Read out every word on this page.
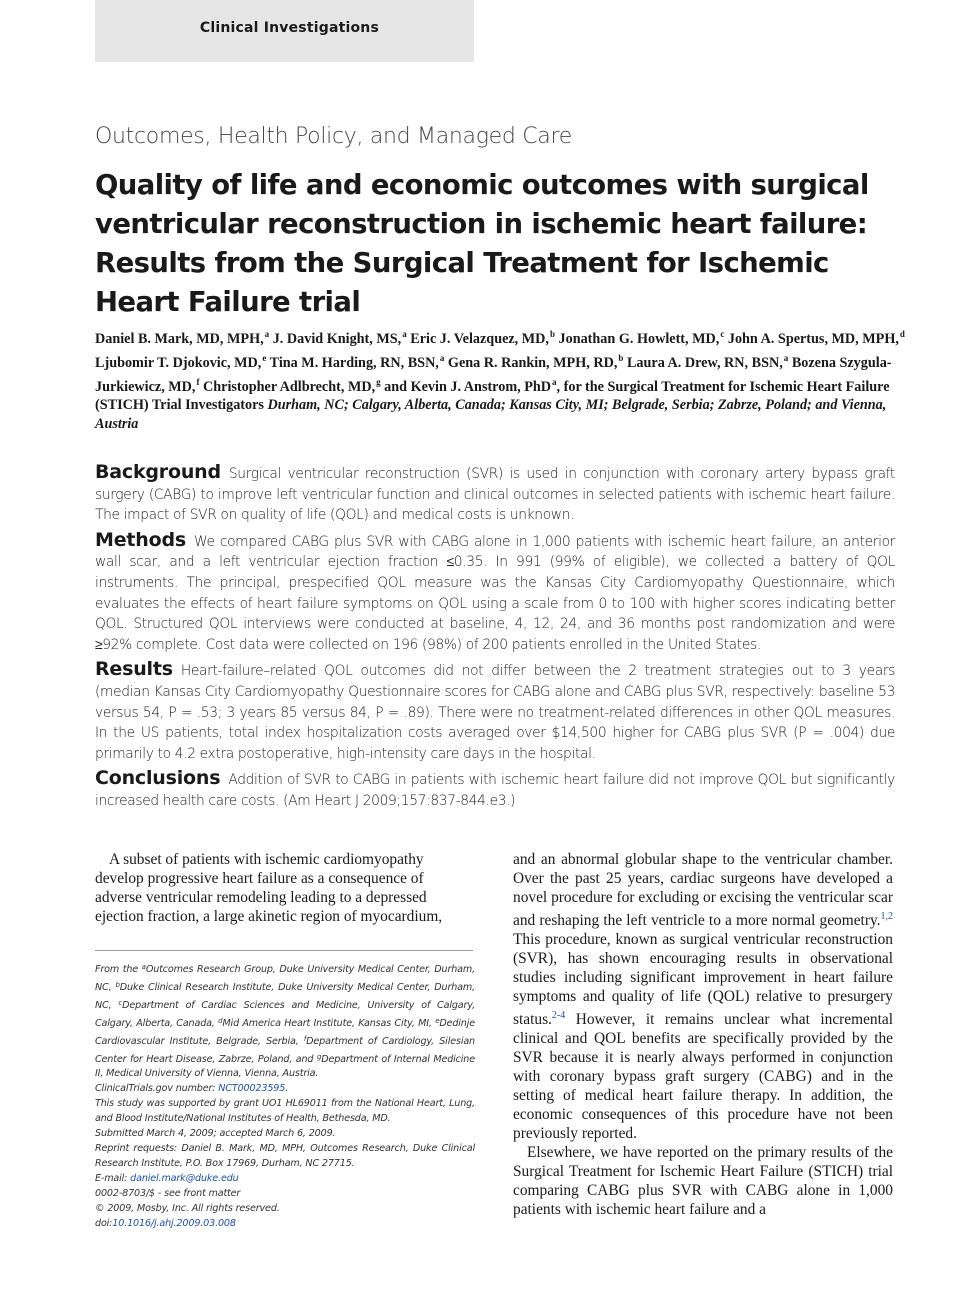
Clinical Investigations
Outcomes, Health Policy, and Managed Care
Quality of life and economic outcomes with surgical ventricular reconstruction in ischemic heart failure: Results from the Surgical Treatment for Ischemic Heart Failure trial
Daniel B. Mark, MD, MPH,$^a$ J. David Knight, MS,$^a$ Eric J. Velazquez, MD,$^b$ Jonathan G. Howlett, MD,$^c$ John A. Spertus, MD, MPH,$^d$ Ljubomir T. Djokovic, MD,$^e$ Tina M. Harding, RN, BSN,$^a$ Gena R. Rankin, MPH, RD,$^b$ Laura A. Drew, RN, BSN,$^a$ Bozena Szygula-Jurkiewicz, MD,$^f$ Christopher Adlbrecht, MD,$^g$ and Kevin J. Anstrom, PhD$^a$, for the Surgical Treatment for Ischemic Heart Failure (STICH) Trial Investigators Durham, NC; Calgary, Alberta, Canada; Kansas City, MI; Belgrade, Serbia; Zabrze, Poland; and Vienna, Austria

Background Surgical ventricular reconstruction (SVR) is used in conjunction with coronary artery bypass graft surgery (CABG) to improve left ventricular function and clinical outcomes in selected patients with ischemic heart failure. The impact of SVR on quality of life (QOL) and medical costs is unknown.

Methods We compared CABG plus SVR with CABG alone in 1,000 patients with ischemic heart failure, an anterior wall scar, and a left ventricular ejection fraction ≤0.35. In 991 (99% of eligible), we collected a battery of QOL instruments. The principal, prespecified QOL measure was the Kansas City Cardiomyopathy Questionnaire, which evaluates the effects of heart failure symptoms on QOL using a scale from 0 to 100 with higher scores indicating better QOL. Structured QOL interviews were conducted at baseline, 4, 12, 24, and 36 months post randomization and were ≥92% complete. Cost data were collected on 196 (98%) of 200 patients enrolled in the United States.

Results Heart-failure–related QOL outcomes did not differ between the 2 treatment strategies out to 3 years (median Kansas City Cardiomyopathy Questionnaire scores for CABG alone and CABG plus SVR, respectively: baseline 53 versus 54, P = .53; 3 years 85 versus 84, P = .89). There were no treatment-related differences in other QOL measures. In the US patients, total index hospitalization costs averaged over $14,500 higher for CABG plus SVR (P = .004) due primarily to 4.2 extra postoperative, high-intensity care days in the hospital.

Conclusions Addition of SVR to CABG in patients with ischemic heart failure did not improve QOL but significantly increased health care costs. (Am Heart J 2009;157:837-844.e3.)

A subset of patients with ischemic cardiomyopathy develop progressive heart failure as a consequence of adverse ventricular remodeling leading to a depressed ejection fraction, a large akinetic region of myocardium,

From the $^a$Outcomes Research Group, Duke University Medical Center, Durham, NC, $^b$Duke Clinical Research Institute, Duke University Medical Center, Durham, NC, $^c$Department of Cardiac Sciences and Medicine, University of Calgary, Calgary, Alberta, Canada, $^d$Mid America Heart Institute, Kansas City, MI, $^e$Dedinje Cardiovascular Institute, Belgrade, Serbia, $^f$Department of Cardiology, Silesian Center for Heart Disease, Zabrze, Poland, and $^g$Department of Internal Medicine II, Medical University of Vienna, Vienna, Austria.
ClinicalTrials.gov number: NCT00023595.
This study was supported by grant UO1 HL69011 from the National Heart, Lung, and Blood Institute/National Institutes of Health, Bethesda, MD.
Submitted March 4, 2009; accepted March 6, 2009.
Reprint requests: Daniel B. Mark, MD, MPH, Outcomes Research, Duke Clinical Research Institute, P.O. Box 17969, Durham, NC 27715.
E-mail: daniel.mark@duke.edu
0002-8703/$ - see front matter
© 2009, Mosby, Inc. All rights reserved.
doi:10.1016/j.ahj.2009.03.008

and an abnormal globular shape to the ventricular chamber. Over the past 25 years, cardiac surgeons have developed a novel procedure for excluding or excising the ventricular scar and reshaping the left ventricle to a more normal geometry.$^{1,2}$ This procedure, known as surgical ventricular reconstruction (SVR), has shown encouraging results in observational studies including significant improvement in heart failure symptoms and quality of life (QOL) relative to presurgery status.$^{2-4}$ However, it remains unclear what incremental clinical and QOL benefits are specifically provided by the SVR because it is nearly always performed in conjunction with coronary bypass graft surgery (CABG) and in the setting of medical heart failure therapy. In addition, the economic consequences of this procedure have not been previously reported.

Elsewhere, we have reported on the primary results of the Surgical Treatment for Ischemic Heart Failure (STICH) trial comparing CABG plus SVR with CABG alone in 1,000 patients with ischemic heart failure and a
